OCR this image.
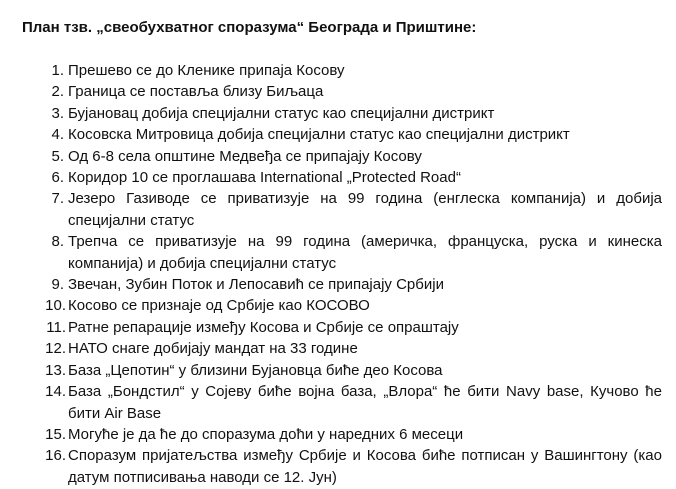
План тзв. „свеобухватног споразума“ Београда и Приштине:
1. Прешево се до Кленике припаја Косову
2. Граница се поставља близу Биљаца
3. Бујановац добија специјални статус као специјални дистрикт
4. Косовска Митровица добија специјални статус као специјални дистрикт
5. Од 6-8 села општине Медвеђа се припајају Косову
6. Коридор 10 се проглашава International „Protected Road“
7. Језеро Газиводе се приватизује на 99 година (енглеска компанија) и добија специјални статус
8. Трепча се приватизује на 99 година (америчка, француска, руска и кинеска компанија) и добија специјални статус
9. Звечан, Зубин Поток и Лепосавић се припајају Србији
10. Косово се признаје од Србије као КОСОВО
11. Ратне репарације између Косова и Србије се опраштају
12. НАТО снаге добијају мандат на 33 године
13. База „Цепотин“ у близини Бујановца биће део Косова
14. База „Бондстил“ у Сојеву биће војна база, „Влора“ ће бити Navy base, Кучово ће бити Air Base
15. Могуће је да ће до споразума доћи у наредних 6 месеци
16. Споразум пријатељства између Србије и Косова биће потписан у Вашингтону (као датум потписивања наводи се 12. Јун)
